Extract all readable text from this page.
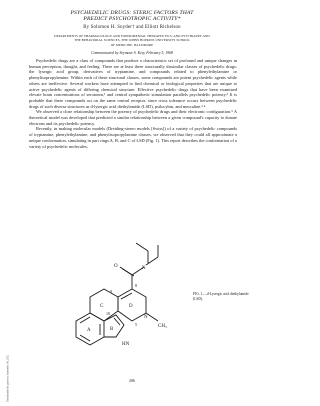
PSYCHEDELIC DRUGS: STERIC FACTORS THAT
PREDICT PSYCHOTROPIC ACTIVITY*
By Solomon H. Snyder† and Elliott Richelson
DEPARTMENTS OF PHARMACOLOGY AND EXPERIMENTAL THERAPEUTICS, AND PSYCHIATRY AND
THE BEHAVIORAL SCIENCES, THE JOHNS HOPKINS UNIVERSITY SCHOOL
OF MEDICINE, BALTIMORE
Communicated by Seymour S. Kety, February 5, 1968

Psychedelic drugs are a class of compounds that produce a characteristic set of profound and unique changes in human perception, thought, and feeling. There are at least three structurally dissimilar classes of psychedelic drugs: the lysergic acid group, derivatives of tryptamine, and compounds related to phenylethylamine or phenylisopropylamine. Within each of these structural classes, some compounds are potent psychedelic agents while others are ineffective. Several workers have attempted to find chemical or biological properties that are unique to active psychedelic agents of differing chemical structure. Effective psychedelic drugs that have been examined elevate brain concentrations of serotonin,¹ and central sympathetic stimulation parallels psychedelic potency.² It is probable that these compounds act on the same central receptor, since cross tolerance occurs between psychedelic drugs of such diverse structures as d-lysergic acid diethylamide (LSD), psilocybin, and mescaline.³ ⁴

We observed a close relationship between the potency of psychedelic drugs and their electronic configuration.⁵ A theoretical model was developed that predicted a similar relationship between a given compound's capacity to donate electrons and its psychedelic potency.

Recently, in making molecular models (Dreiding-stereo models [Swiss]) of a variety of psychedelic compounds of tryptamine, phenylethylamine, and phenylisopropylamine classes, we observed that they could all approximate a unique conformation, simulating in part rings A, B, and C of LSD (Fig. 1). This report describes the conformation of a variety of psychedelic molecules,

O	N
N
CH₃
HN
9
10
5
8
A	B
C	D
FIG. 1.—d-Lysergic acid diethylamide (LSD).
206
Downloaded by guest on September 30, 2021
